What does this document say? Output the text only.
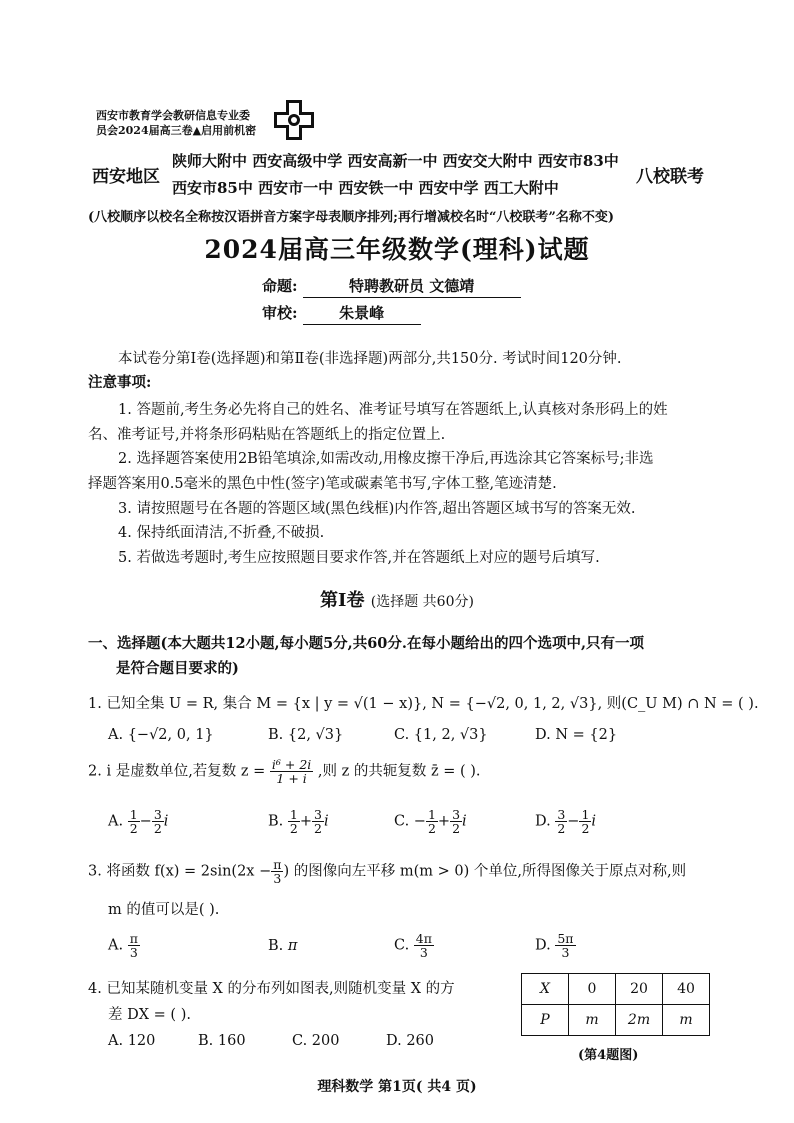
西安市教育学会教研信息专业委
员会2024届高三卷▲启用前机密
西安地区
陕师大附中 西安高级中学 西安高新一中 西安交大附中 西安市83中
西安市85中 西安市一中 西安铁一中 西安中学 西工大附中
八校联考
(八校顺序以校名全称按汉语拼音方案字母表顺序排列;再行增减校名时“八校联考”名称不变)
2024届高三年级数学(理科)试题
命题:	特聘教研员 文德靖
审校:	朱景峰
本试卷分第Ⅰ卷(选择题)和第Ⅱ卷(非选择题)两部分,共150分. 考试时间120分钟.
注意事项:
1. 答题前,考生务必先将自己的姓名、准考证号填写在答题纸上,认真核对条形码上的姓
名、准考证号,并将条形码粘贴在答题纸上的指定位置上.
2. 选择题答案使用2B铅笔填涂,如需改动,用橡皮擦干净后,再选涂其它答案标号;非选
择题答案用0.5毫米的黑色中性(签字)笔或碳素笔书写,字体工整,笔迹清楚.
3. 请按照题号在各题的答题区域(黑色线框)内作答,超出答题区域书写的答案无效.
4. 保持纸面清洁,不折叠,不破损.
5. 若做选考题时,考生应按照题目要求作答,并在答题纸上对应的题号后填写.
第Ⅰ卷 (选择题 共60分)
一、选择题(本大题共12小题,每小题5分,共60分.在每小题给出的四个选项中,只有一项
是符合题目要求的)
1. 已知全集 U = R, 集合 M = {x | y = √(1 − x)}, N = {−√2, 0, 1, 2, √3}, 则(C_U M) ∩ N = ( ).
A. {−√2, 0, 1}	B. {2, √3}	C. {1, 2, √3}	D. N = {2}
2. i 是虚数单位,若复数 $z = \frac{\text{i⁶ + 2i}}{1 + i}$ ,则 z 的共轭复数 z̄ = ( ).
A. $\frac{1}{2} - \frac{3}{2}$ i	B. $\frac{1}{2} + \frac{3}{2}$ i	C. − $\frac{1}{2} + \frac{3}{2}$ i	D. $\frac{3}{2} - \frac{1}{2}$ i
3. 将函数 $f(x) = 2\sin(2x - \frac{\pi}{3}$ ) 的图像向左平移 m(m > 0) 个单位,所得图像关于原点对称,则
m 的值可以是( ).
A. $\frac{\pi}{3}$	B. π	C. $\frac{4\pi}{3}$	D. $\frac{5\pi}{3}$
4. 已知某随机变量 X 的分布列如图表,则随机变量 X 的方
差 DX = ( ).
A. 120	B. 160	C. 200	D. 260
X	0	20	40
P	m	2m	m
(第4题图)
理科数学 第1页( 共4 页)
